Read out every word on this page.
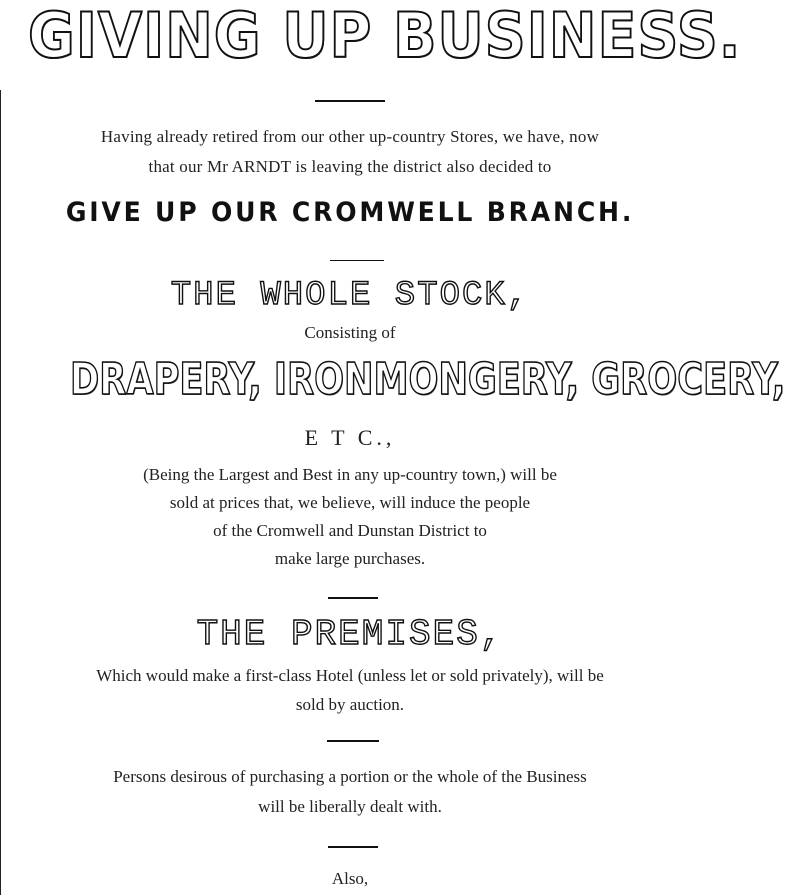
GIVING UP BUSINESS.
Having already retired from our other up-country Stores, we have, now
that our Mr ARNDT is leaving the district also decided to
GIVE UP OUR CROMWELL BRANCH.
THE WHOLE STOCK,
Consisting of
DRAPERY, IRONMONGERY, GROCERY,
E T C.,
(Being the Largest and Best in any up-country town,) will be
sold at prices that, we believe, will induce the people
of the Cromwell and Dunstan District to
make large purchases.
THE PREMISES,
Which would make a first-class Hotel (unless let or sold privately), will be
sold by auction.
Persons desirous of purchasing a portion or the whole of the Business
will be liberally dealt with.
Also,
